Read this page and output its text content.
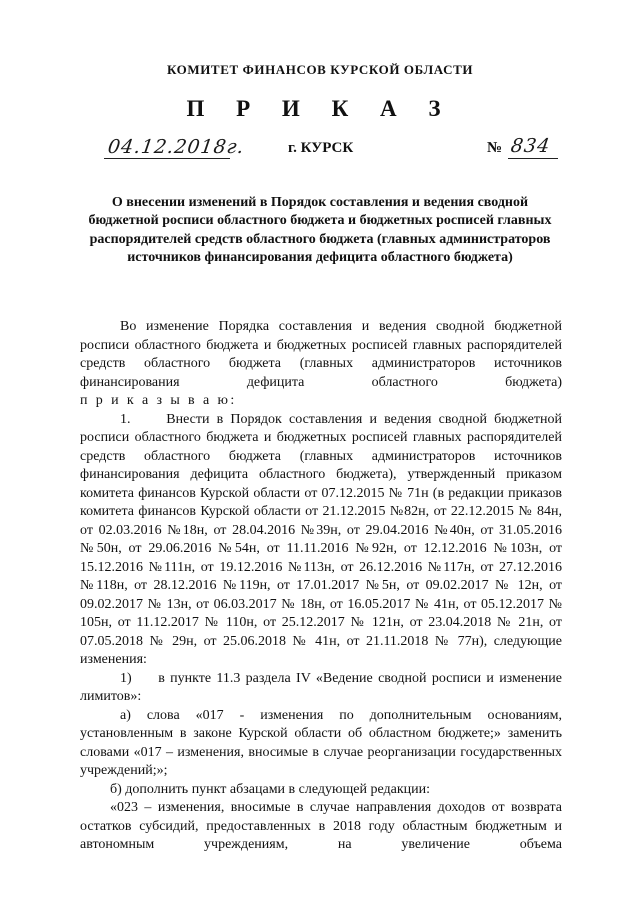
КОМИТЕТ ФИНАНСОВ КУРСКОЙ ОБЛАСТИ
П Р И К А З
04.12.2018г.	г. КУРСК	№ 834
О внесении изменений в Порядок составления и ведения сводной бюджетной росписи областного бюджета и бюджетных росписей главных распорядителей средств областного бюджета (главных администраторов источников финансирования дефицита областного бюджета)

Во изменение Порядка составления и ведения сводной бюджетной росписи областного бюджета и бюджетных росписей главных распорядителей средств областного бюджета (главных администраторов источников финансирования дефицита областного бюджета)

п р и к а з ы в а ю:

1.     Внести в Порядок составления и ведения сводной бюджетной росписи областного бюджета и бюджетных росписей главных распорядителей средств областного бюджета (главных администраторов источников финансирования дефицита областного бюджета), утвержденный приказом комитета финансов Курской области от 07.12.2015 № 71н (в редакции приказов комитета финансов Курской области от 21.12.2015 №82н, от 22.12.2015 № 84н, от 02.03.2016 №18н, от 28.04.2016 №39н, от 29.04.2016 №40н, от 31.05.2016 №50н, от 29.06.2016 №54н, от 11.11.2016 №92н, от 12.12.2016 №103н, от 15.12.2016 №111н, от 19.12.2016 №113н, от 26.12.2016 №117н, от 27.12.2016 №118н, от 28.12.2016 №119н, от 17.01.2017 №5н, от 09.02.2017 № 12н, от 09.02.2017 № 13н, от 06.03.2017 № 18н, от 16.05.2017 № 41н, от 05.12.2017 № 105н, от 11.12.2017 № 110н, от 25.12.2017 № 121н, от 23.04.2018 № 21н, от 07.05.2018 № 29н, от 25.06.2018 № 41н, от 21.11.2018 № 77н), следующие изменения:

1)     в пункте 11.3 раздела IV «Ведение сводной росписи и изменение лимитов»:

а) слова «017 - изменения по дополнительным основаниям, установленным в законе Курской области об областном бюджете;» заменить словами «017 – изменения, вносимые в случае реорганизации государственных учреждений;»;

б) дополнить пункт абзацами в следующей редакции:

«023 – изменения, вносимые в случае направления доходов от возврата остатков субсидий, предоставленных в 2018 году областным бюджетным и автономным учреждениям, на увеличение объема
